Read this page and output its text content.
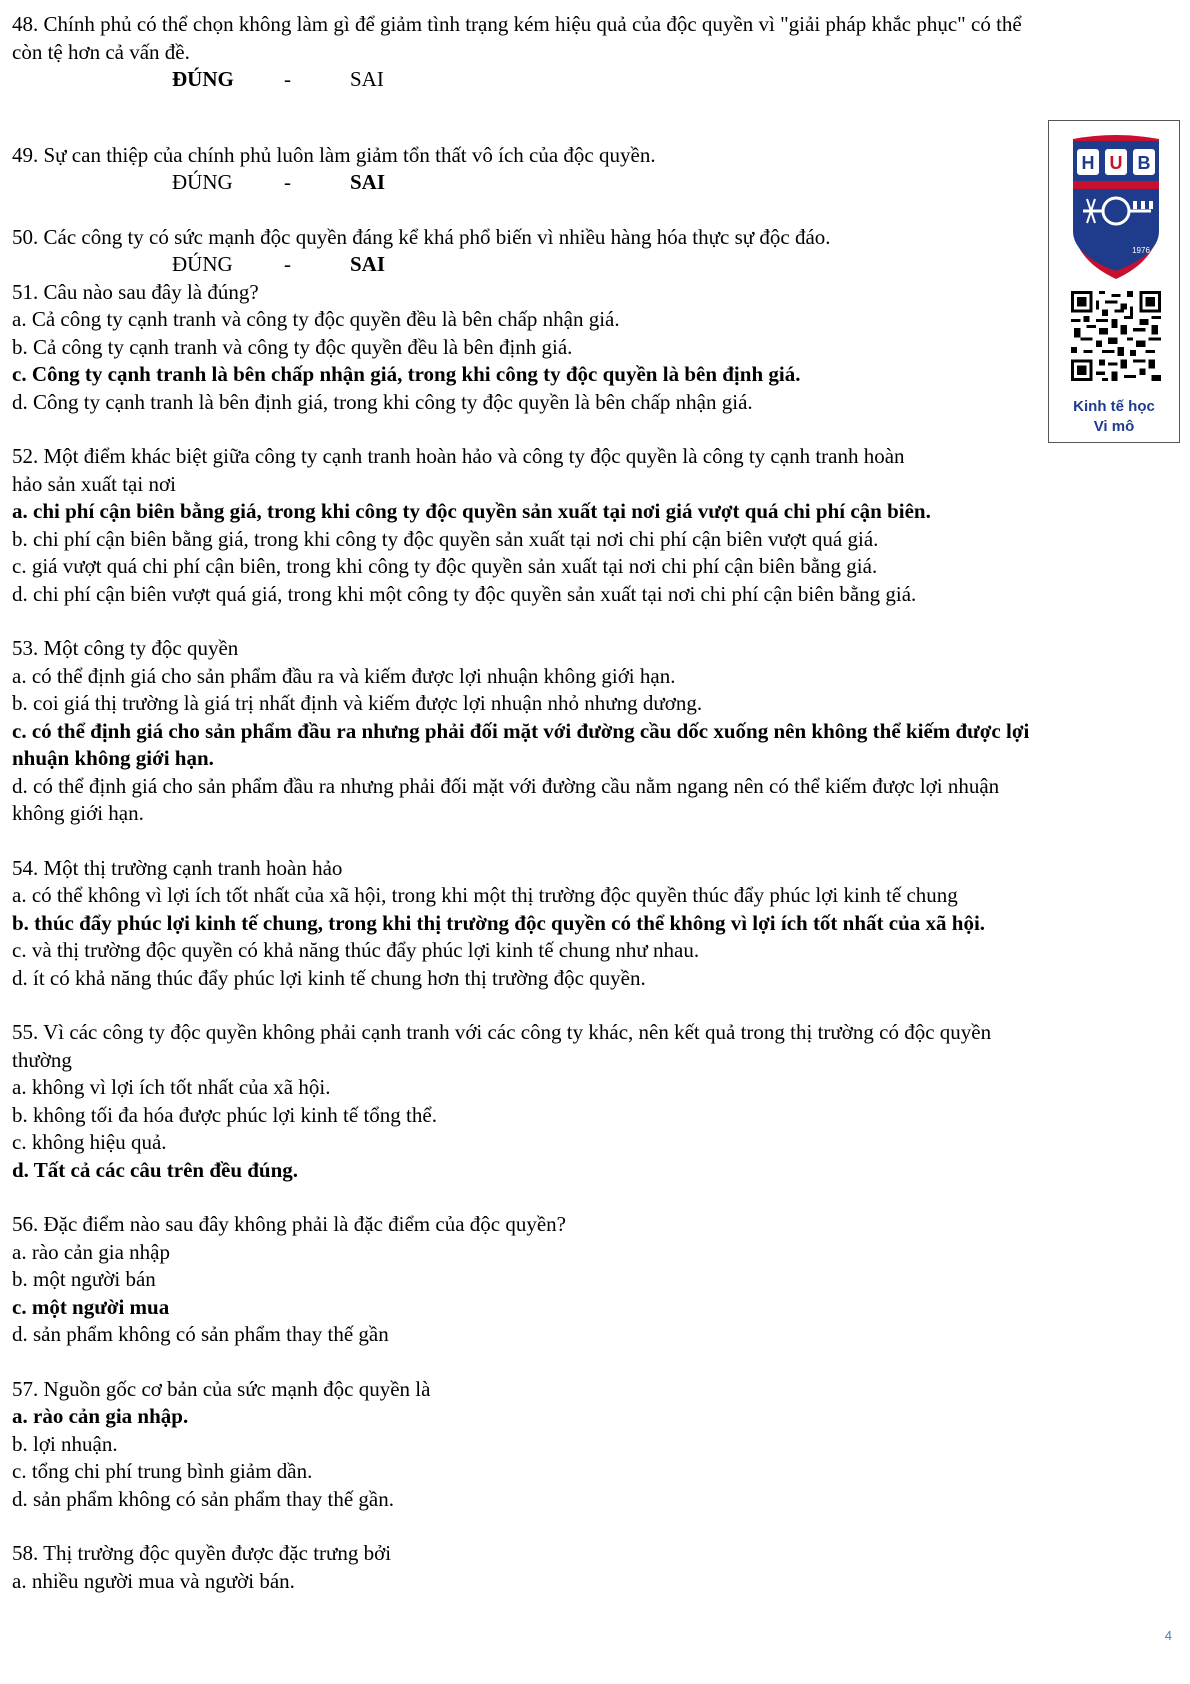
48. Chính phủ có thể chọn không làm gì để giảm tình trạng kém hiệu quả của độc quyền vì "giải pháp khắc phục" có thể
còn tệ hơn cả vấn đề.
ĐÚNG -	SAI
49. Sự can thiệp của chính phủ luôn làm giảm tổn thất vô ích của độc quyền.
ĐÚNG -	SAI
50. Các công ty có sức mạnh độc quyền đáng kể khá phổ biến vì nhiều hàng hóa thực sự độc đáo.
ĐÚNG -	SAI
51. Câu nào sau đây là đúng?
a. Cả công ty cạnh tranh và công ty độc quyền đều là bên chấp nhận giá.
b. Cả công ty cạnh tranh và công ty độc quyền đều là bên định giá.
c. Công ty cạnh tranh là bên chấp nhận giá, trong khi công ty độc quyền là bên định giá.
d. Công ty cạnh tranh là bên định giá, trong khi công ty độc quyền là bên chấp nhận giá.
52. Một điểm khác biệt giữa công ty cạnh tranh hoàn hảo và công ty độc quyền là công ty cạnh tranh hoàn
hảo sản xuất tại nơi
a. chi phí cận biên bằng giá, trong khi công ty độc quyền sản xuất tại nơi giá vượt quá chi phí cận biên.
b. chi phí cận biên bằng giá, trong khi công ty độc quyền sản xuất tại nơi chi phí cận biên vượt quá giá.
c. giá vượt quá chi phí cận biên, trong khi công ty độc quyền sản xuất tại nơi chi phí cận biên bằng giá.
d. chi phí cận biên vượt quá giá, trong khi một công ty độc quyền sản xuất tại nơi chi phí cận biên bằng giá.
53. Một công ty độc quyền
a. có thể định giá cho sản phẩm đầu ra và kiếm được lợi nhuận không giới hạn.
b. coi giá thị trường là giá trị nhất định và kiếm được lợi nhuận nhỏ nhưng dương.
c. có thể định giá cho sản phẩm đầu ra nhưng phải đối mặt với đường cầu dốc xuống nên không thể kiếm được lợi
nhuận không giới hạn.
d. có thể định giá cho sản phẩm đầu ra nhưng phải đối mặt với đường cầu nằm ngang nên có thể kiếm được lợi nhuận
không giới hạn.
54. Một thị trường cạnh tranh hoàn hảo
a. có thể không vì lợi ích tốt nhất của xã hội, trong khi một thị trường độc quyền thúc đẩy phúc lợi kinh tế chung
b. thúc đẩy phúc lợi kinh tế chung, trong khi thị trường độc quyền có thể không vì lợi ích tốt nhất của xã hội.
c. và thị trường độc quyền có khả năng thúc đẩy phúc lợi kinh tế chung như nhau.
d. ít có khả năng thúc đẩy phúc lợi kinh tế chung hơn thị trường độc quyền.
55. Vì các công ty độc quyền không phải cạnh tranh với các công ty khác, nên kết quả trong thị trường có độc quyền
thường
a. không vì lợi ích tốt nhất của xã hội.
b. không tối đa hóa được phúc lợi kinh tế tổng thể.
c. không hiệu quả.
d. Tất cả các câu trên đều đúng.
56. Đặc điểm nào sau đây không phải là đặc điểm của độc quyền?
a. rào cản gia nhập
b. một người bán
c. một người mua
d. sản phẩm không có sản phẩm thay thế gần
57. Nguồn gốc cơ bản của sức mạnh độc quyền là
a. rào cản gia nhập.
b. lợi nhuận.
c. tổng chi phí trung bình giảm dần.
d. sản phẩm không có sản phẩm thay thế gần.
58. Thị trường độc quyền được đặc trưng bởi
a. nhiều người mua và người bán.
H U B
1976
Kinh tế học
Vi mô
4
